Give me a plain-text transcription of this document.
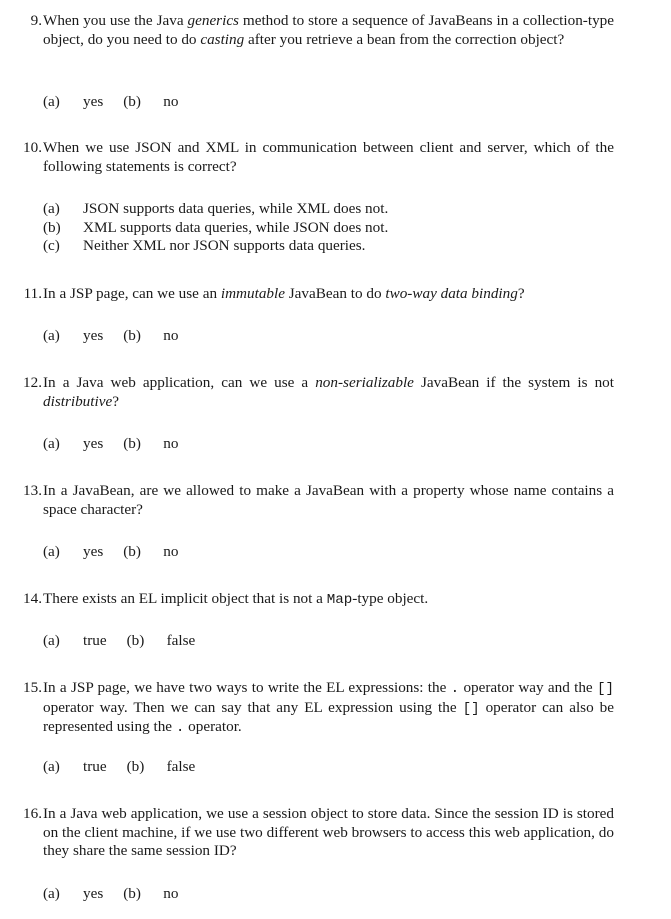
9. When you use the Java generics method to store a sequence of JavaBeans in a collection-type object, do you need to do casting after you retrieve a bean from the correction object?
(a) yes (b) no
10. When we use JSON and XML in communication between client and server, which of the following statements is correct?
(a) JSON supports data queries, while XML does not.
(b) XML supports data queries, while JSON does not.
(c) Neither XML nor JSON supports data queries.
11. In a JSP page, can we use an immutable JavaBean to do two-way data binding?
(a) yes (b) no
12. In a Java web application, can we use a non-serializable JavaBean if the system is not distributive?
(a) yes (b) no
13. In a JavaBean, are we allowed to make a JavaBean with a property whose name contains a space character?
(a) yes (b) no
14. There exists an EL implicit object that is not a Map-type object.
(a) true (b) false
15. In a JSP page, we have two ways to write the EL expressions: the . operator way and the [] operator way. Then we can say that any EL expression using the [] operator can also be represented using the . operator.
(a) true (b) false
16. In a Java web application, we use a session object to store data. Since the session ID is stored on the client machine, if we use two different web browsers to access this web application, do they share the same session ID?
(a) yes (b) no
